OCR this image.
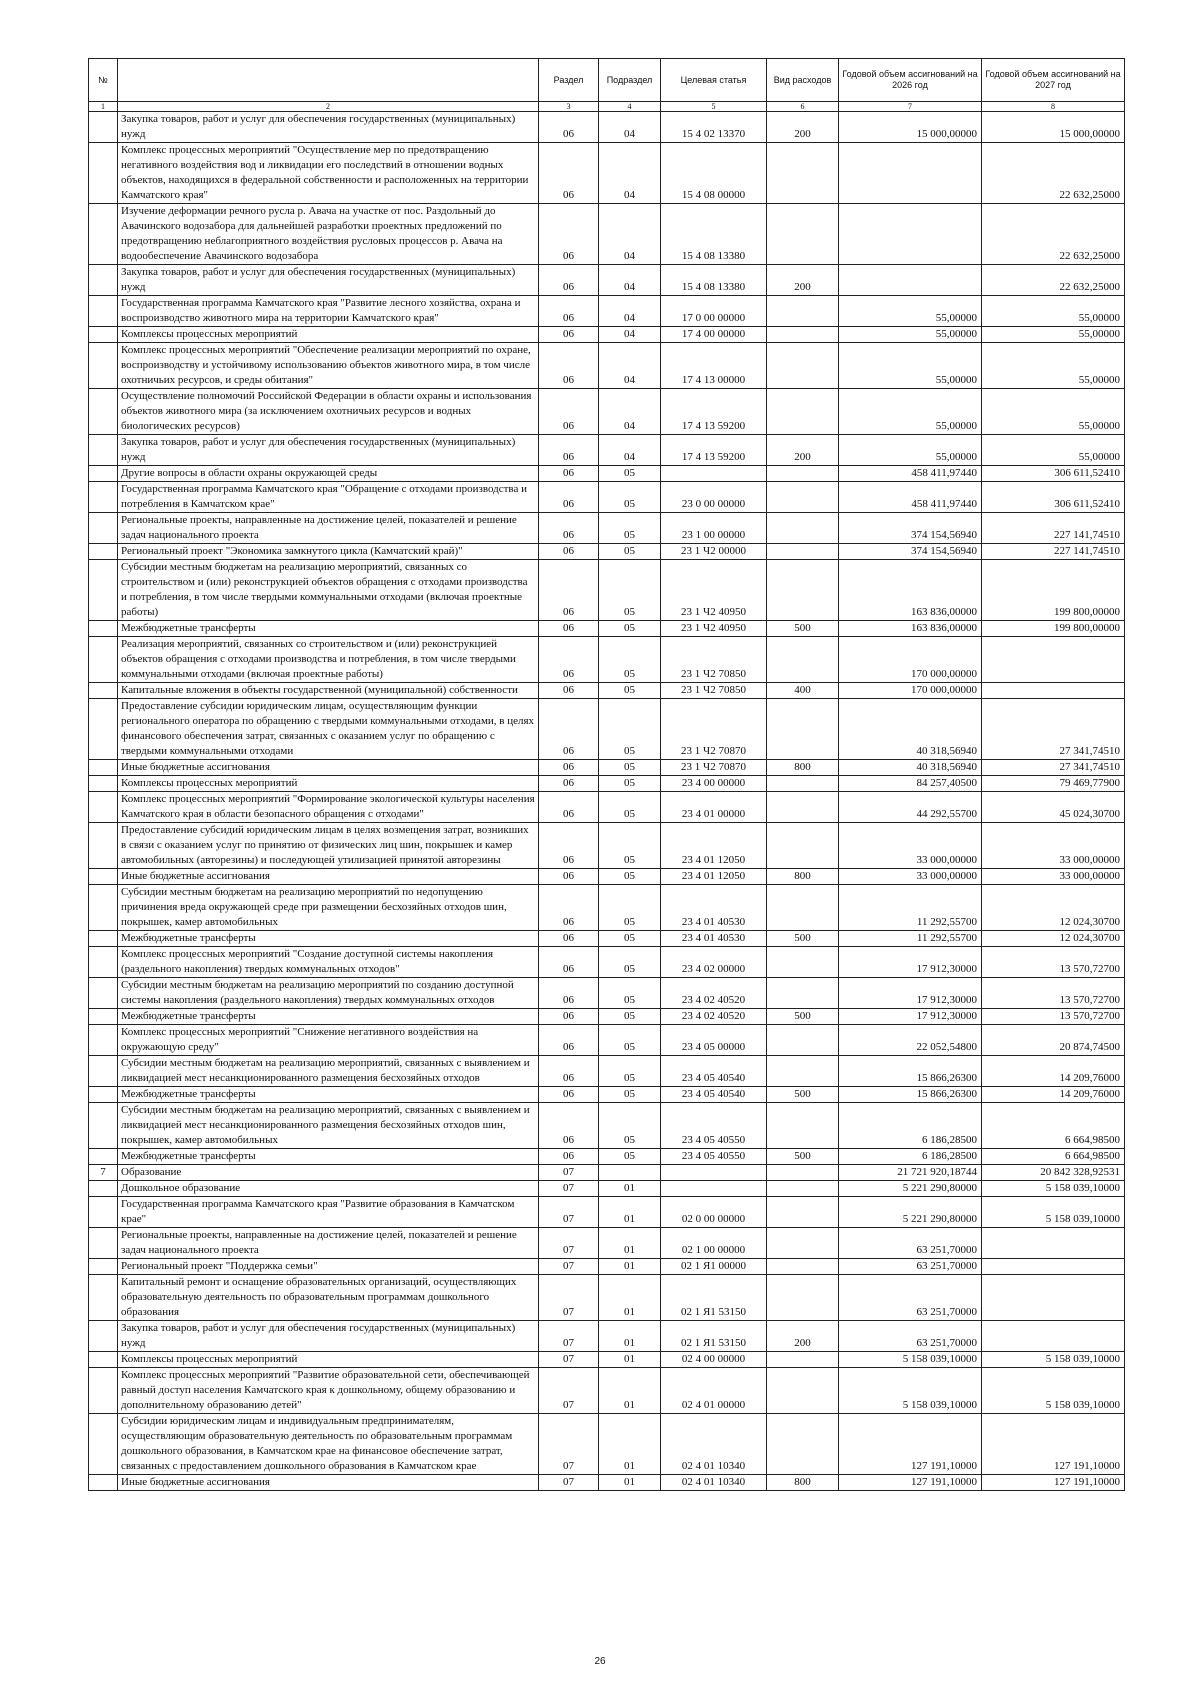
№		Раздел	Подраздел	Целевая статья	Вид расходов	Годовой объем ассигнований на 2026 год	Годовой объем ассигнований на 2027 год
1	2	3	4	5	6	7	8
	Закупка товаров, работ и услуг для обеспечения государственных (муниципальных) нужд	06	04	15 4 02 13370	200	15 000,00000	15 000,00000
	Комплекс процессных мероприятий "Осуществление мер по предотвращению негативного воздействия вод и ликвидации его последствий в отношении водных объектов, находящихся в федеральной собственности и расположенных на территории Камчатского края"	06	04	15 4 08 00000			22 632,25000
	Изучение деформации речного русла р. Авача на участке от пос. Раздольный до Авачинского водозабора для дальнейшей разработки проектных предложений по предотвращению неблагоприятного воздействия русловых процессов р. Авача на водообеспечение Авачинского водозабора	06	04	15 4 08 13380			22 632,25000
	Закупка товаров, работ и услуг для обеспечения государственных (муниципальных) нужд	06	04	15 4 08 13380	200		22 632,25000
	Государственная программа Камчатского края "Развитие лесного хозяйства, охрана и воспроизводство животного мира на территории Камчатского края"	06	04	17 0 00 00000		55,00000	55,00000
	Комплексы процессных мероприятий	06	04	17 4 00 00000		55,00000	55,00000
	Комплекс процессных мероприятий "Обеспечение реализации мероприятий по охране, воспроизводству и устойчивому использованию объектов животного мира, в том числе охотничьих ресурсов, и среды обитания"	06	04	17 4 13 00000		55,00000	55,00000
	Осуществление полномочий Российской Федерации в области охраны и использования объектов животного мира (за исключением охотничьих ресурсов и водных биологических ресурсов)	06	04	17 4 13 59200		55,00000	55,00000
	Закупка товаров, работ и услуг для обеспечения государственных (муниципальных) нужд	06	04	17 4 13 59200	200	55,00000	55,00000
	Другие вопросы в области охраны окружающей среды	06	05			458 411,97440	306 611,52410
	Государственная программа Камчатского края "Обращение с отходами производства и потребления в Камчатском крае"	06	05	23 0 00 00000		458 411,97440	306 611,52410
	Региональные проекты, направленные на достижение целей, показателей и решение задач национального проекта	06	05	23 1 00 00000		374 154,56940	227 141,74510
	Региональный проект "Экономика замкнутого цикла (Камчатский край)"	06	05	23 1 Ч2 00000		374 154,56940	227 141,74510
	Субсидии местным бюджетам на реализацию мероприятий, связанных со строительством и (или) реконструкцией объектов обращения с отходами производства и потребления, в том числе твердыми коммунальными отходами (включая проектные работы)	06	05	23 1 Ч2 40950		163 836,00000	199 800,00000
	Межбюджетные трансферты	06	05	23 1 Ч2 40950	500	163 836,00000	199 800,00000
	Реализация мероприятий, связанных со строительством и (или) реконструкцией объектов обращения с отходами производства и потребления, в том числе твердыми коммунальными отходами (включая проектные работы)	06	05	23 1 Ч2 70850		170 000,00000	
	Капитальные вложения в объекты государственной (муниципальной) собственности	06	05	23 1 Ч2 70850	400	170 000,00000	
	Предоставление субсидии юридическим лицам, осуществляющим функции регионального оператора по обращению с твердыми коммунальными отходами, в целях финансового обеспечения затрат, связанных с оказанием услуг по обращению с твердыми коммунальными отходами	06	05	23 1 Ч2 70870		40 318,56940	27 341,74510
	Иные бюджетные ассигнования	06	05	23 1 Ч2 70870	800	40 318,56940	27 341,74510
	Комплексы процессных мероприятий	06	05	23 4 00 00000		84 257,40500	79 469,77900
	Комплекс процессных мероприятий "Формирование экологической культуры населения Камчатского края в области безопасного обращения с отходами"	06	05	23 4 01 00000		44 292,55700	45 024,30700
	Предоставление субсидий юридическим лицам в целях возмещения затрат, возникших в связи с оказанием услуг по принятию от физических лиц шин, покрышек и камер автомобильных (авторезины) и последующей утилизацией принятой авторезины	06	05	23 4 01 12050		33 000,00000	33 000,00000
	Иные бюджетные ассигнования	06	05	23 4 01 12050	800	33 000,00000	33 000,00000
	Субсидии местным бюджетам на реализацию мероприятий по недопущению причинения вреда окружающей среде при размещении бесхозяйных отходов шин, покрышек, камер автомобильных	06	05	23 4 01 40530		11 292,55700	12 024,30700
	Межбюджетные трансферты	06	05	23 4 01 40530	500	11 292,55700	12 024,30700
	Комплекс процессных мероприятий "Создание доступной системы накопления (раздельного накопления) твердых коммунальных отходов"	06	05	23 4 02 00000		17 912,30000	13 570,72700
	Субсидии местным бюджетам на реализацию мероприятий по созданию доступной системы накопления (раздельного накопления) твердых коммунальных отходов	06	05	23 4 02 40520		17 912,30000	13 570,72700
	Межбюджетные трансферты	06	05	23 4 02 40520	500	17 912,30000	13 570,72700
	Комплекс процессных мероприятий "Снижение негативного воздействия на окружающую среду"	06	05	23 4 05 00000		22 052,54800	20 874,74500
	Субсидии местным бюджетам на реализацию мероприятий, связанных с выявлением и ликвидацией мест несанкционированного размещения бесхозяйных отходов	06	05	23 4 05 40540		15 866,26300	14 209,76000
	Межбюджетные трансферты	06	05	23 4 05 40540	500	15 866,26300	14 209,76000
	Субсидии местным бюджетам на реализацию мероприятий, связанных с выявлением и ликвидацией мест несанкционированного размещения бесхозяйных отходов шин, покрышек, камер автомобильных	06	05	23 4 05 40550		6 186,28500	6 664,98500
	Межбюджетные трансферты	06	05	23 4 05 40550	500	6 186,28500	6 664,98500
7	Образование	07				21 721 920,18744	20 842 328,92531
	Дошкольное образование	07	01			5 221 290,80000	5 158 039,10000
	Государственная программа Камчатского края "Развитие образования в Камчатском крае"	07	01	02 0 00 00000		5 221 290,80000	5 158 039,10000
	Региональные проекты, направленные на достижение целей, показателей и решение задач национального проекта	07	01	02 1 00 00000		63 251,70000	
	Региональный проект "Поддержка семьи"	07	01	02 1 Я1 00000		63 251,70000	
	Капитальный ремонт и оснащение образовательных организаций, осуществляющих образовательную деятельность по образовательным программам дошкольного образования	07	01	02 1 Я1 53150		63 251,70000	
	Закупка товаров, работ и услуг для обеспечения государственных (муниципальных) нужд	07	01	02 1 Я1 53150	200	63 251,70000	
	Комплексы процессных мероприятий	07	01	02 4 00 00000		5 158 039,10000	5 158 039,10000
	Комплекс процессных мероприятий "Развитие образовательной сети, обеспечивающей равный доступ населения Камчатского края к дошкольному, общему образованию и дополнительному образованию детей"	07	01	02 4 01 00000		5 158 039,10000	5 158 039,10000
	Субсидии юридическим лицам и индивидуальным предпринимателям, осуществляющим образовательную деятельность по образовательным программам дошкольного образования, в Камчатском крае на финансовое обеспечение затрат, связанных с предоставлением дошкольного образования в Камчатском крае	07	01	02 4 01 10340		127 191,10000	127 191,10000
	Иные бюджетные ассигнования	07	01	02 4 01 10340	800	127 191,10000	127 191,10000
26
